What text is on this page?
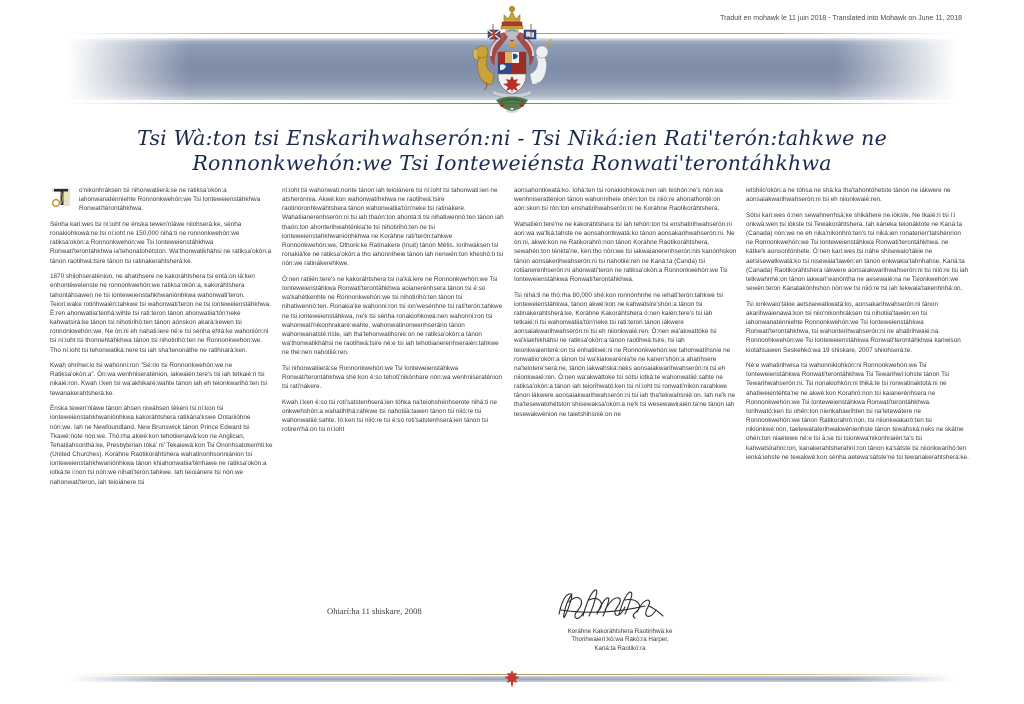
Tsi Wà:ton tsi Enskarihwahserón:ni - Tsi Niká:ien Rati'terón:tahkwe ne Ronnonkwehón:we Tsi Ionteweiénsta Ronwati'terontáhkhwa

o'nikonhráksen tsi nihonwatiierà:se ne ratiksa'okòn:a iahonwanaténniehte Ronnonkwehón:we Tsi Ionteweienstáhkhwa Ronwati'terontáhkhwa.

Sénha kari:wes tsi ní:ioht ne énska tewen'niáwe niiohserá:ke, sénha ronakiohkowá:ne tsi ní:ioht ne 150,000 nihá:ti ne ronnonkwehón:we ratiksa'okòn:a Ronnonkwehón:we Tsi Ionteweienstáhkhwa Ronwati'terontáhkhwa ia'tehonatohétston. Wa'thonwatikháhsi ne ratiksa'okòn:a tánon raotihwá:tsire tánon tsi ratinakerahtsherá:ke.

1870 shiiohseraténion, ne ahatíhsere ne kakoráhtshera tsi entà:on iá:ken enhontéweienste ne ronnonkwehón:we ratiksa'okòn:a, kakoráhtshera tahontáhsawen ne tsi ionteweienstahkhwaniónhkwa wahonwati'teron. Teiori:wake rotirihwaién:tahkwe tsi wahonwati'teron ne tsi ionteweienstáhkhwa. È:ren ahonwatiia'tenhá:wihte tsi rati:teron tánon ahonwatiia'tón'neke kahwatsirà:ke tánon tsi nihotirihò:ten tánon aónskon akarà:kewen tsi ronnonkwehón:we. Ne òn:ni eh nahati:iere né:e tsi sénha ehtà:ke wahonión:ni tsi ní:ioht tsi thonnehtáhkhwa tánon tsi nihotirihò:ten ne Ronnonkwehón:we. Tho ní:ioht tsi tehonwatiká:nere tsi iah sha'tenonáthe ne ratihnarà:ken.

Kwah ohrihwi:io tsi wahonni:ron "Sé:rio tsi Ronnonkwehón:we ne Ratiksa'okòn:a". Òn:wa wenhniseraténion, iakwaién:tere's tsi iah tetkaié:ri tsi nikaié:ron. Kwah í:ken tsi wa'akhikaré:wahte tánon iah eh teionkwarihò:ten tsi tewanakerahtsherá:ke.

Ènska tewen'niáwe tánon áhsen niwáhsen tékeni tsi ní:kon tsi ionteweienstahkhwaniónhkwa kakoráhtshera ratikária'kswe Ontariióhne nòn:we. Iah ne Newfoundland, New Brunswick tánon Prince Edward tsi Tkawè:note nòn:we. Thò:rha akwé:kon tehotiienawà:kon ne Anglican, Tehatiiahsonthà:ke, Presbyterian tóka' ni' Tekaiewà:kon Tsi Ononhsatokenhti:ke (United Churches). Koráhne Raotikoráhtshera wahatinonhsonniánion tsi ionteweienstahkhwaniónhkwa tánon khiahonwatiia'ténhawe ne ratiksa'okòn:a iotkà:te i:non tsi nòn:we nihati'terón:tahkwe. Iah teioiánere tsi nòn:we nahonwati'teron, iah teioiánere tsi

ní:ioht tsi wahonwati:nonte tánon iah teioiánere tsi ní:ioht tsi tahonwati:ien ne atsherònnia. Akwé:kon wahonwatíhkhwa ne raotihwá:tsire raotinoronhkwáhtshera tánon wahonwatiia'tón'neke tsi ratinákere. Wahatiianerenhserón:ni tsi iah thaón:ton ahontà:ti tsi nihatiwennò:ten tánon iah thaón:ton ahonterihwahténkia'te tsi nihotirihò:ten ne tsi ionteweienstahkhwaniónhkhwa ne Koráhne rati'terón:tahkwe Ronnonkwehón:we, Othorè:ke Ratínakere (Inuit) tánon Métis. Iorihwáksen tsi ronakiá'ke ne ratiksa'okòn:a tho iahonníheie tánon iah nenwén:ton kheshò:ti tsi nòn:we ratinákerehkwe.

Ò:nen ratiién:tere's ne kakoráhtshera tsi na'ká:iere ne Ronnonkwehón:we Tsi Ionteweienstáhkwa Ronwati'terontáhkhwa aoianerénhsera tánon tsi é:so wa'kahétkenhte ne Ronnonkwehón:we tsi nihotirihò:ten tánon tsi nihatiwennò:ten. Ronakia'ke wahonni:ron tsi ion'wesénhne tsi rati'terón:tahkwe ne tsi ionteweienstáhkwa, ne'k tsi sénha ronakiohkowá:nen wahonni:ron tsi wahonwati'nikonhrakaré:wahte, wahonwatinonwenhserário tánon wahonwanatsté:riste, iah tha'tehonwatihsniè:on ne ratiksa'okòn:a tánon wa'thonwatikháhsi ne raotihwá:tsire né:e tsi iah tehotiianerenhseraién:tahkwe ne thé:nen nahotiié:ren.

Tsi nihonwatiierà:se Ronnonkwehón:we Tsi Ionteweienstáhkwa Ronwati'terontáhkhwa shé:kon é:so tehoti'nikónhare nòn:wa wenhniseraténion tsi rati'nákere.

Kwah í:ken é:so tsi roti'satstenhserá:ien tòhka na'teiohshénhserote nihá:ti ne onkwehshòn:a wahatihthá:rahkwe tsi nahotiià:tawen tánon tsi niió:re tsi wahonwatiié:sahte. Ió:ken tsi niió:re tsi é:so roti'satstenhserá:ien tánon tsi rotiren'hà:on tsi ní:ioht

aonsahontkwatá:ko. Iohà:ten tsi ronakiohkowá:nen iah teshòn:ne's nòn:wa wenhniseratténion tánon wahonníheie ohén:ton tsi niió:re ahonathontè:on aón:skon tsi ròn:ton enshatirihwahserón:ni ne Koráhne Raotikoráhtshera.

Wahatiién:tere'ne ne kakoráhtshera tsi iah tehòn:ton tsi enshatirihwahserón:ni aori:wa wa'tká:tahste ne aonsahontkwatá:ko tánon aonsakarihwahserón:ni. Ne òn:ni, akwé:kon ne Ratikorahrò:non tánon Koráhne Raotikoráhtshera, sewahén:ton ténkta'ne, kèn:tho nòn:we tsi iakwaianerenhserón:nis kanónhskon tánon aonsakerihwahserón:ni tsi nahotiié:ren ne Kaná:ta (Canda) tsi rotiianerenhserón:ni ahonwati'teron ne ratiksa'okòn:a Ronnonkwehón:we Tsi Ionteweienstáhkwa Ronwati'terontáhkhwa.

Tsi nihá:ti ne thò:rha 80,000 shé:kon ronnónhnhe ne iehati'terón:tahkwe tsi ionteweienstáhkwa, tánon akwé:kon ne kahwatsire'shòn:a tánon tsi ratinakerahtsherá:ke, Koráhne Kakoráhtshera ó:nen kaién:tere's tsi iah tetkaié:ri tsi wahonwatiia'tón'neke tsi rati:teron tánon iákwere aonsaiakwarihwahserón:ni tsi eh niionkwaié:ren. Ó:nen wa'akwattóke tsi wa'kiakhikháhsi ne ratiksa'okòn:a tánon raotihwá:tsire, tsi iah teionkwaienterè:on tsi enhatikwé:ni ne Ronnonkwehón:we tahonwatíhsnie ne ronwatiio'okòn:a tánon tsi wa'kiakwarénia'te ne kanen'shòn:a ahatíhsere na'teiotere'será:ne, tánon iakwahská:neks aonsaiakwarihwahserón:ni tsi eh niionkwaié:ren. Ó:nen wa'akwáttoke tsi sótsi iotkà:te wahonwatiié:sahte ne ratiksa'okòn:a tánon iah teiorihwató:ken tsi ní:ioht tsi ronwati'nikòn:rarahkwe tánon iákwere aonsaiakwarihwahserón:ni tsi iah tha'tekwahsniè:on. Iah ne'k ne tha'tesewatohétston shisewaksa'okòn:a ne'k tsi wesewawiraién:ta'ne tánon iah tesewakwénion ne taietshihsniè:on ne

ietshiio'okòn:a ne tóhsa ne shà:ka tha'tahontóhetste tánon ne iákwere ne aonsaiakwarihwahserón:ni tsi eh niionkwaié:ren.

Sótsi kari:wes ó:nen sewahnenhsà:ke shikáhere ne iòkste. Ne tkaié:ri tsi í:i onkwà:wen tsi iòkste tsi Tewakoráhtshera. Iah káneka teionáktote ne Kaná:ta (Canada) nòn:we ne eh nika'nikonhrò:ten's tsi niká:ien ronaterien'tatshénrion ne Ronnonkwehón:we Tsi Ionteweienstáhkwa Ronwati'terontáhkhwa. ne kátke'k aonsontónhete. Ó:nen kari:wes tsi náhe shisewaio'tákie ne aetsisewatkwatá:ko tsi nisewaia'tawèn:en tánon enkwakia'tahnhahse. Kaná:ta (Canada) Raotikoráhtshera iákwere aonsaiakwarihwahserón:ni tsi niió:re tsi iah tetkwahnhè:on tánon iakwari'wanóntha ne aesewaié:na ne Tsionkwehón:we sewèn:teron Kanatakónhshon nòn:we tsi niió:re tsi iah tekwaia'takenhnhá:on.

Tsi ionkwaio'tákie aetsisewatkwatá:ko, aonsakarihwahserón:ni tánon akarihwaienawá:kon tsi niio'nikonhráksen tsi nihotiia'tawèn:en tsi iahonwanaténniehte Ronnonkwehón:we Tsi Ionteweienstáhkwa Ronwati'terontáhkhwa, tsi wahonterihwahserón:ni ne ahatirihwaié:na Ronnonhkwehón:we Tsi Ionteweienstáhkwa Ronwati'terontáhkhwa kariwison kiotáhsawen Seskehkó:wa 19 shiskare, 2007 shiiohserá:te.

Nè:e wahatirihwisa tsi wahonnikiohkón:ni Ronnonkwehón:we Tsi Ionteweienstáhkwa Ronwati'terontáhkhwa Tsi Tewarihwí:iohste tánon Tsi Tewarihwahserón:ni. Tsi nonakiohkón:ni thiká:te tsi ronwatinaktotá:ni ne ahatiweientéhta'ne ne akwé:kon Korahrò:non tsi kaianerénhsera ne Ronnonkwehón:we Tsi Ionteweienstáhkwa Ronwati'terontáhkhwa. Iorihwató:ken tsi ohén:ton nienkahawíhten tsi na'tetewátere ne Ronnonkwehón:we tánon Ratikorahrò:non, tsi niionkwakarò:ten tsi nikionkwé:non, taetewataterihwakwénienhste tánon tewahská:neks ne skátne ohén:ton niaétewe né:e tsi à:se tsi tsionkwa'nikonhraién:ta's tsi kahwatsirahni:ron, kanakerahtsherahní:ron tánon ka'sátste tsi niionkwarihò:ten ienká:iehste ne tewakwé:kon sénha aetewa'sátste'ne tsi tewanakerahtsherá:ke.

Ohiarí:ha 11 shiskare, 2008
Koráhne Kakoráhtshera Raotirihwà:ke
Thorihwaierí:kò:wa Rakò:ra Harper,
Kaná:ta Raotikó:ra
Traduit en mohawk le 11 juin 2018 - Translated into Mohawk on June 11, 2018
